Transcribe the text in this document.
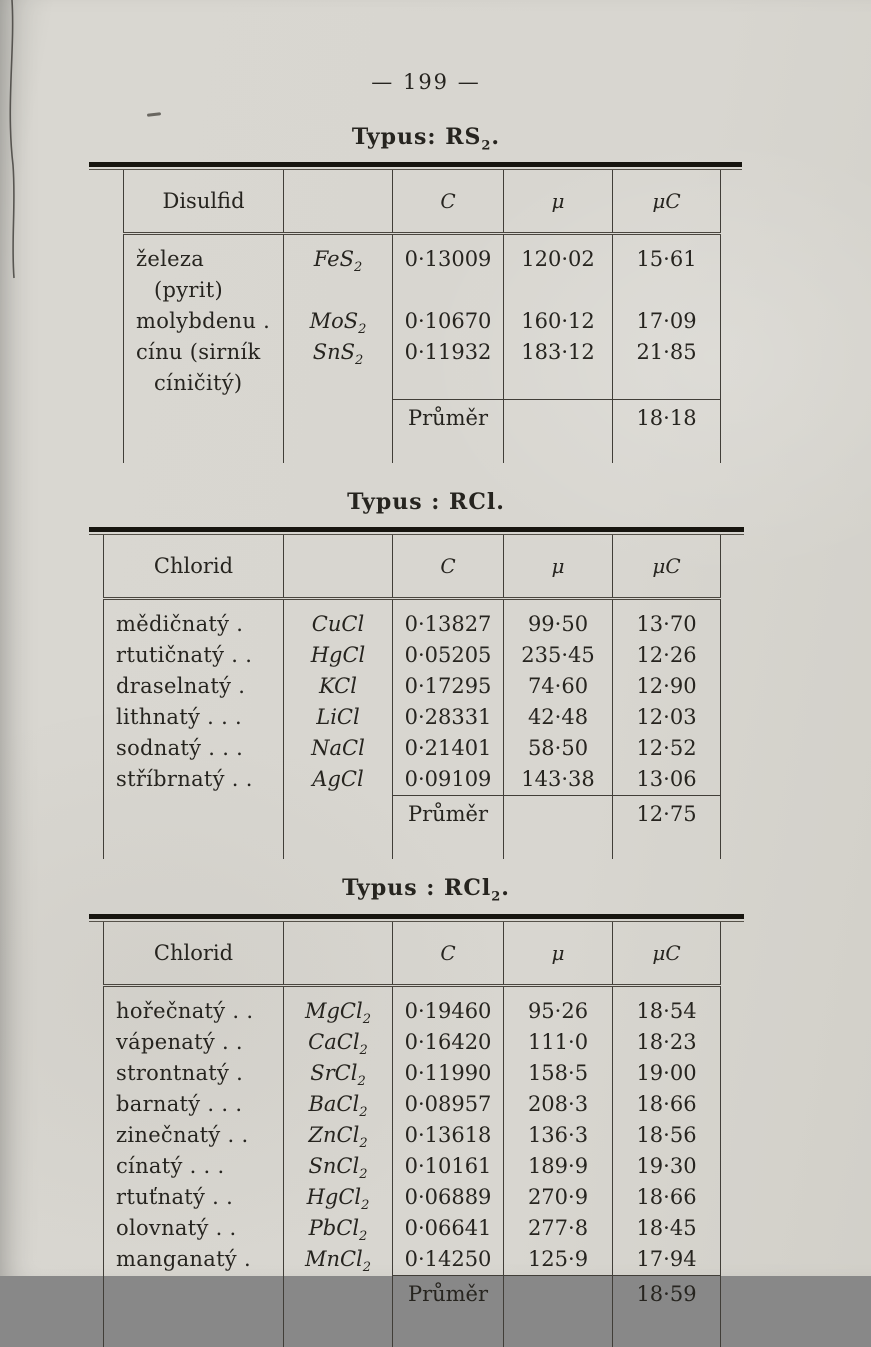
— 199 —
Typus: $RS_2$.
Disulfid		C	μ	μC
železa (pyrit)	FeS$_2$	0·13009	120·02	15·61
molybdenu .	MoS$_2$	0·10670	160·12	17·09
cínu (sirník cíničitý)	SnS$_2$	0·11932	183·12	21·85
		Průměr		18·18

Typus : RCl.
Chlorid		C	μ	μC
mědičnatý .	CuCl	0·13827	99·50	13·70
rtutičnatý . .	HgCl	0·05205	235·45	12·26
draselnatý .	KCl	0·17295	74·60	12·90
lithnatý . . .	LiCl	0·28331	42·48	12·03
sodnatý . . .	NaCl	0·21401	58·50	12·52
stříbrnatý . .	AgCl	0·09109	143·38	13·06
		Průměr		12·75

Typus : RCl$_2$.
Chlorid		C	μ	μC
hořečnatý . .	MgCl$_2$	0·19460	95·26	18·54
vápenatý . .	CaCl$_2$	0·16420	111·0	18·23
strontnatý .	SrCl$_2$	0·11990	158·5	19·00
barnatý . . .	BaCl$_2$	0·08957	208·3	18·66
zinečnatý . .	ZnCl$_2$	0·13618	136·3	18·56
cínatý . . .	SnCl$_2$	0·10161	189·9	19·30
rtuťnatý . .	HgCl$_2$	0·06889	270·9	18·66
olovnatý . .	PbCl$_2$	0·06641	277·8	18·45
manganatý .	MnCl$_2$	0·14250	125·9	17·94
		Průměr		18·59
